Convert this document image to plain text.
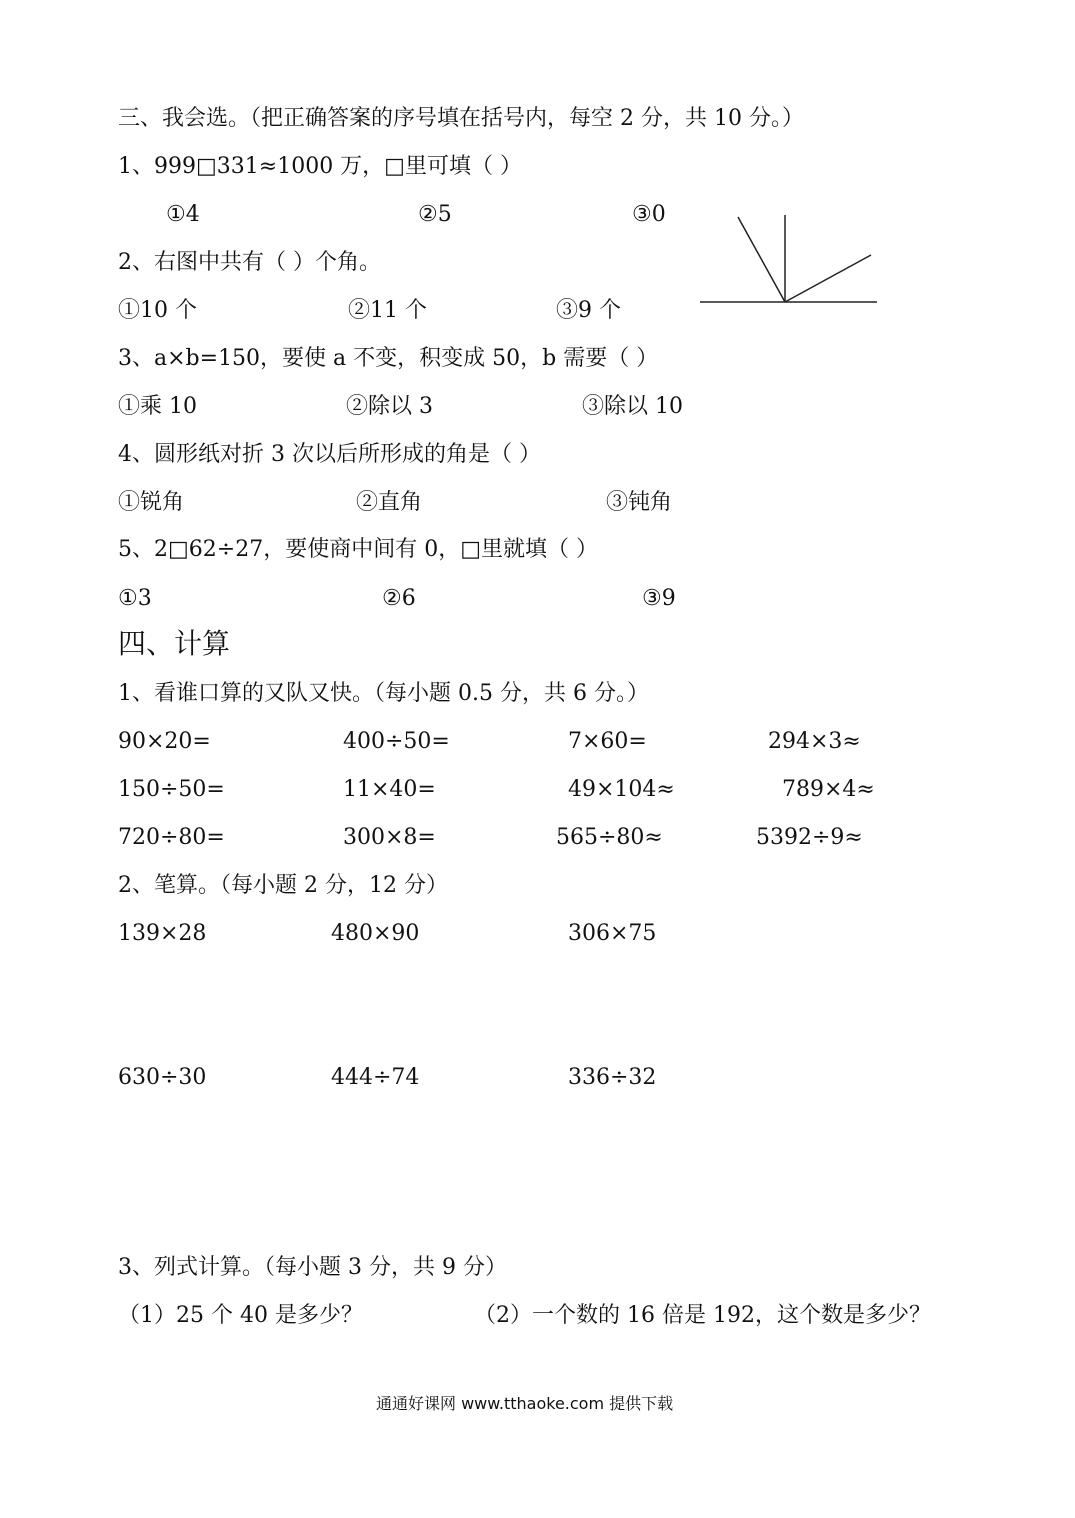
三、我会选。（把正确答案的序号填在括号内，每空 2 分，共 10 分。）
1、999□331≈1000 万，□里可填（ ）
①4	②5	③0
2、右图中共有（ ）个角。
①10 个	②11 个	③9 个
3、a×b=150，要使 a 不变，积变成 50，b 需要（ ）
①乘 10	②除以 3	③除以 10
4、圆形纸对折 3 次以后所形成的角是（ ）
①锐角	②直角	③钝角
5、2□62÷27，要使商中间有 0，□里就填（ ）
①3	②6	③9
四、计算
1、看谁口算的又队又快。（每小题 0.5 分，共 6 分。）
90×20=	400÷50=	7×60=	294×3≈
150÷50=	11×40=	49×104≈	789×4≈
720÷80=	300×8=	565÷80≈	5392÷9≈
2、笔算。（每小题 2 分，12 分）
139×28	480×90	306×75
630÷30	444÷74	336÷32
3、列式计算。（每小题 3 分，共 9 分）
（1）25 个 40 是多少？	（2）一个数的 16 倍是 192，这个数是多少？
通通好课网 www.tthaoke.com 提供下载
